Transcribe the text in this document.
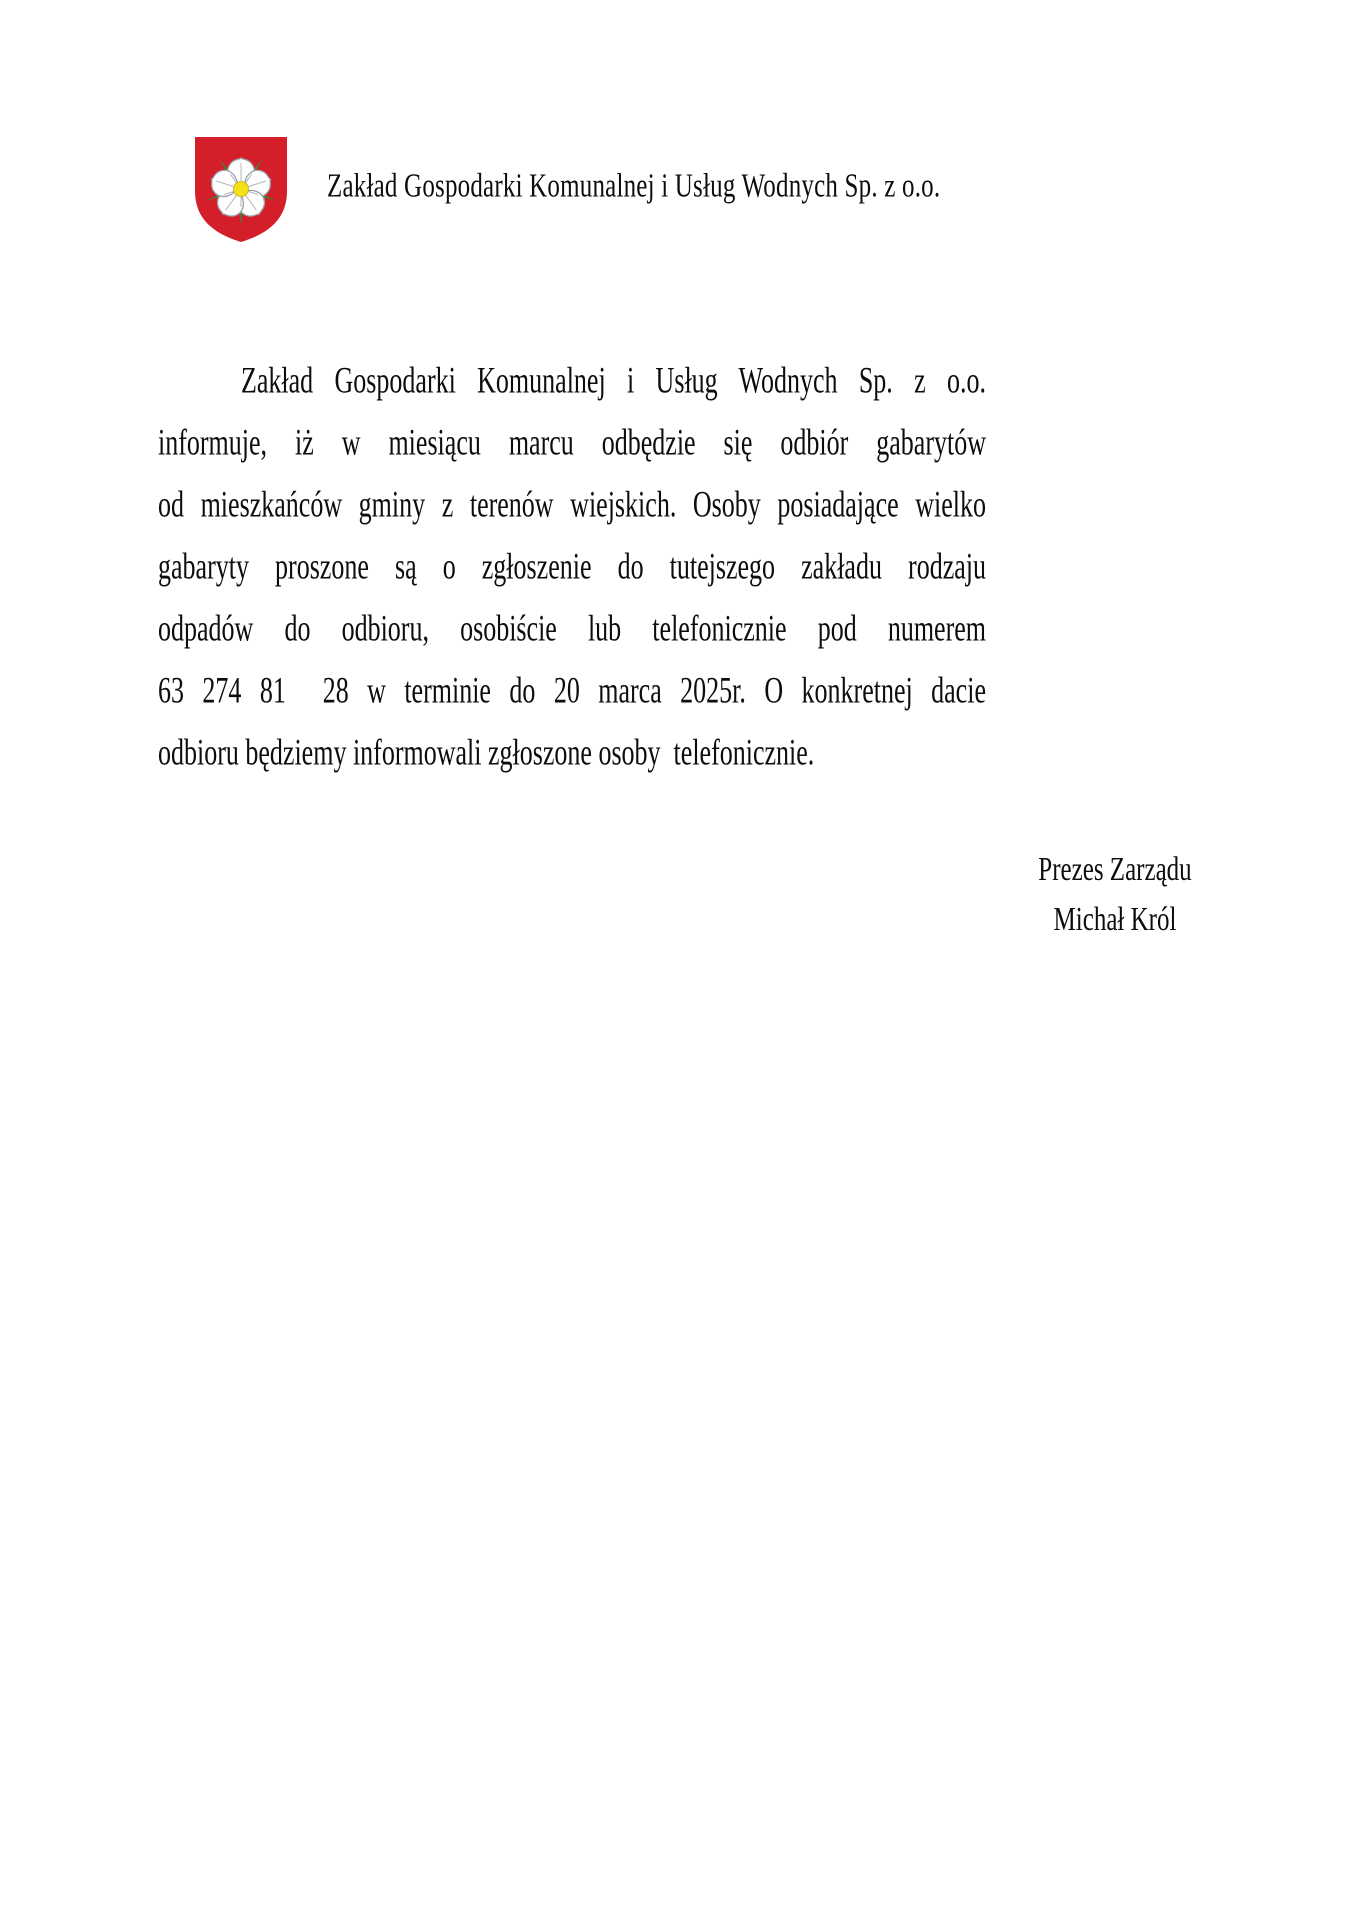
Zakład Gospodarki Komunalnej i Usług Wodnych Sp. z o.o.
Zakład Gospodarki Komunalnej i Usług Wodnych Sp. z o.o.
informuje, iż w miesiącu marcu odbędzie się odbiór gabarytów
od mieszkańców gminy z terenów wiejskich. Osoby posiadające wielko
gabaryty proszone są o zgłoszenie do tutejszego zakładu rodzaju
odpadów do odbioru, osobiście lub telefonicznie pod numerem
63 274 81  28 w terminie do 20 marca 2025r. O konkretnej dacie
odbioru będziemy informowali zgłoszone osoby  telefonicznie.
Prezes Zarządu
Michał Król
